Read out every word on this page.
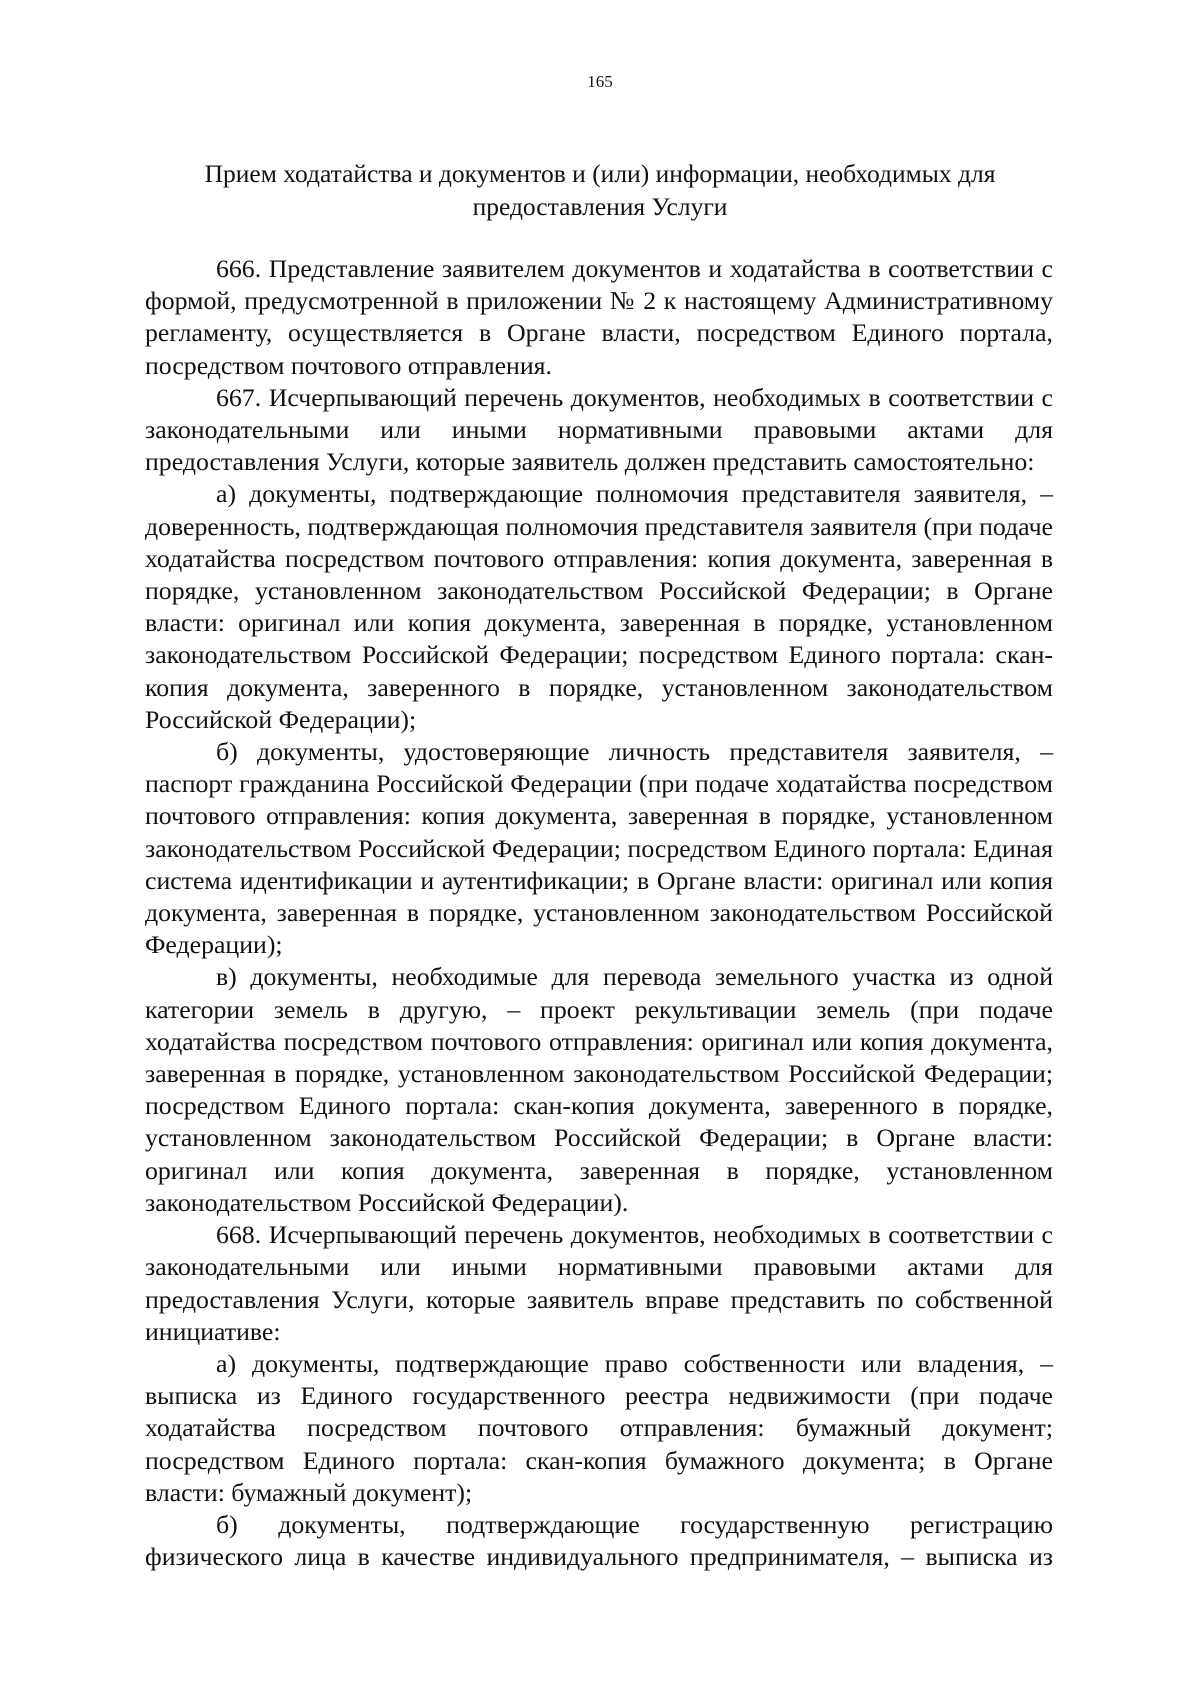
165
Прием ходатайства и документов и (или) информации, необходимых для предоставления Услуги

666. Представление заявителем документов и ходатайства в соответствии с формой, предусмотренной в приложении № 2 к настоящему Административному регламенту, осуществляется в Органе власти, посредством Единого портала, посредством почтового отправления.

667. Исчерпывающий перечень документов, необходимых в соответствии с законодательными или иными нормативными правовыми актами для предоставления Услуги, которые заявитель должен представить самостоятельно:

а) документы, подтверждающие полномочия представителя заявителя, – доверенность, подтверждающая полномочия представителя заявителя (при подаче ходатайства посредством почтового отправления: копия документа, заверенная в порядке, установленном законодательством Российской Федерации; в Органе власти: оригинал или копия документа, заверенная в порядке, установленном законодательством Российской Федерации; посредством Единого портала: скан-копия документа, заверенного в порядке, установленном законодательством Российской Федерации);

б) документы, удостоверяющие личность представителя заявителя, – паспорт гражданина Российской Федерации (при подаче ходатайства посредством почтового отправления: копия документа, заверенная в порядке, установленном законодательством Российской Федерации; посредством Единого портала: Единая система идентификации и аутентификации; в Органе власти: оригинал или копия документа, заверенная в порядке, установленном законодательством Российской Федерации);

в) документы, необходимые для перевода земельного участка из одной категории земель в другую, – проект рекультивации земель (при подаче ходатайства посредством почтового отправления: оригинал или копия документа, заверенная в порядке, установленном законодательством Российской Федерации; посредством Единого портала: скан-копия документа, заверенного в порядке, установленном законодательством Российской Федерации; в Органе власти: оригинал или копия документа, заверенная в порядке, установленном законодательством Российской Федерации).

668. Исчерпывающий перечень документов, необходимых в соответствии с законодательными или иными нормативными правовыми актами для предоставления Услуги, которые заявитель вправе представить по собственной инициативе:

а) документы, подтверждающие право собственности или владения, – выписка из Единого государственного реестра недвижимости (при подаче ходатайства посредством почтового отправления: бумажный документ; посредством Единого портала: скан-копия бумажного документа; в Органе власти: бумажный документ);

б) документы, подтверждающие государственную регистрацию физического лица в качестве индивидуального предпринимателя, – выписка из
